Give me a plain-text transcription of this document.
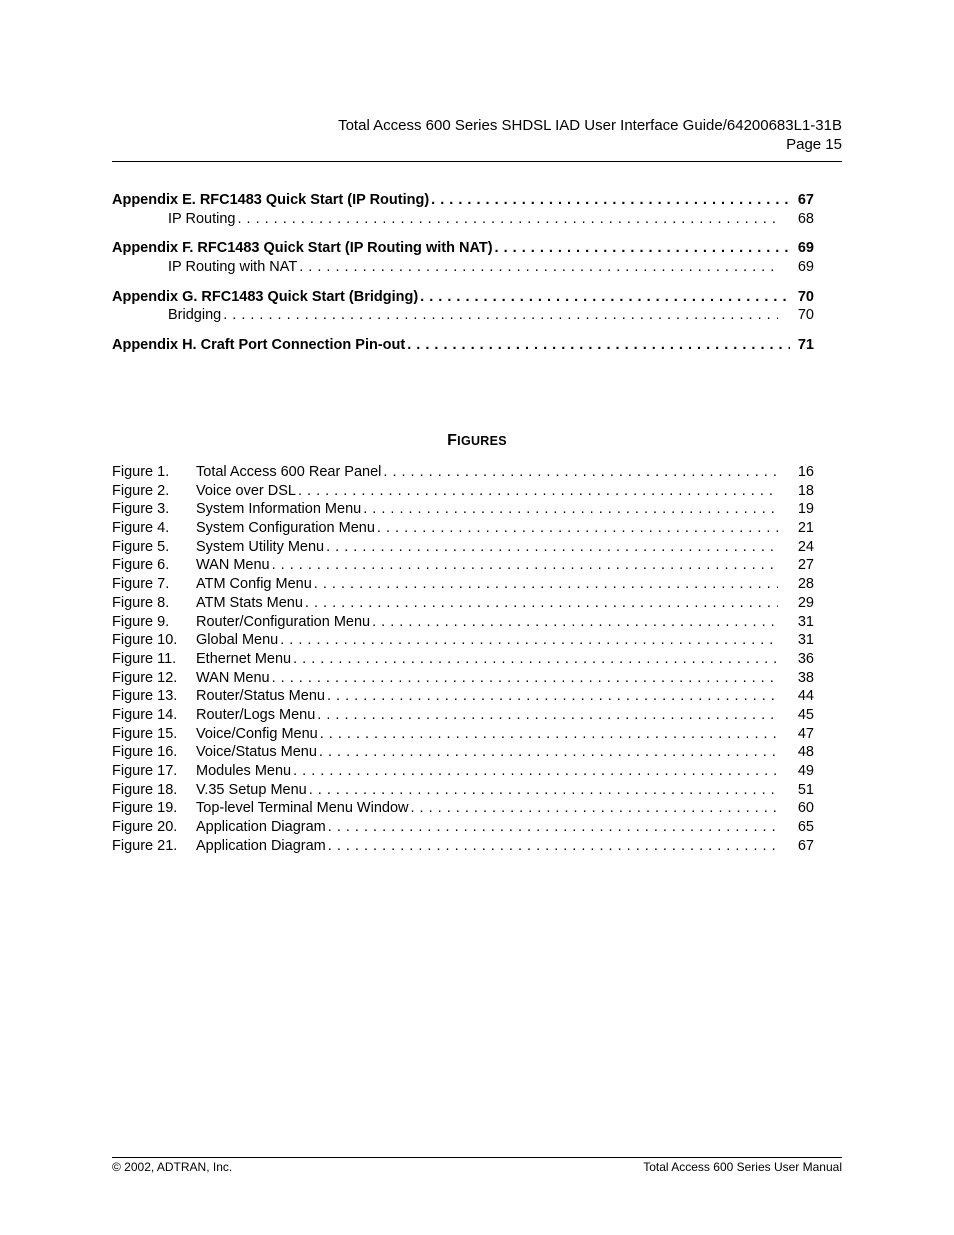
Total Access 600 Series SHDSL IAD User Interface Guide/64200683L1-31B
Page 15
Appendix E. RFC1483 Quick Start (IP Routing) . . .	67
IP Routing . . .	68
Appendix F. RFC1483 Quick Start (IP Routing with NAT) . . .	69
IP Routing with NAT . . .	69
Appendix G. RFC1483 Quick Start (Bridging) . . .	70
Bridging . . .	70
Appendix H. Craft Port Connection Pin-out . . .	71
FIGURES
Figure 1.	Total Access 600 Rear Panel . . .	16
Figure 2.	Voice over DSL . . .	18
Figure 3.	System Information Menu . . .	19
Figure 4.	System Configuration Menu . . .	21
Figure 5.	System Utility Menu . . .	24
Figure 6.	WAN Menu . . .	27
Figure 7.	ATM Config Menu . . .	28
Figure 8.	ATM Stats Menu . . .	29
Figure 9.	Router/Configuration Menu . . .	31
Figure 10.	Global Menu . . .	31
Figure 11.	Ethernet Menu . . .	36
Figure 12.	WAN Menu . . .	38
Figure 13.	Router/Status Menu . . .	44
Figure 14.	Router/Logs Menu . . .	45
Figure 15.	Voice/Config Menu . . .	47
Figure 16.	Voice/Status Menu . . .	48
Figure 17.	Modules Menu . . .	49
Figure 18.	V.35 Setup Menu . . .	51
Figure 19.	Top-level Terminal Menu Window . . .	60
Figure 20.	Application Diagram . . .	65
Figure 21.	Application Diagram . . .	67
© 2002, ADTRAN, Inc.	Total Access 600 Series User Manual
